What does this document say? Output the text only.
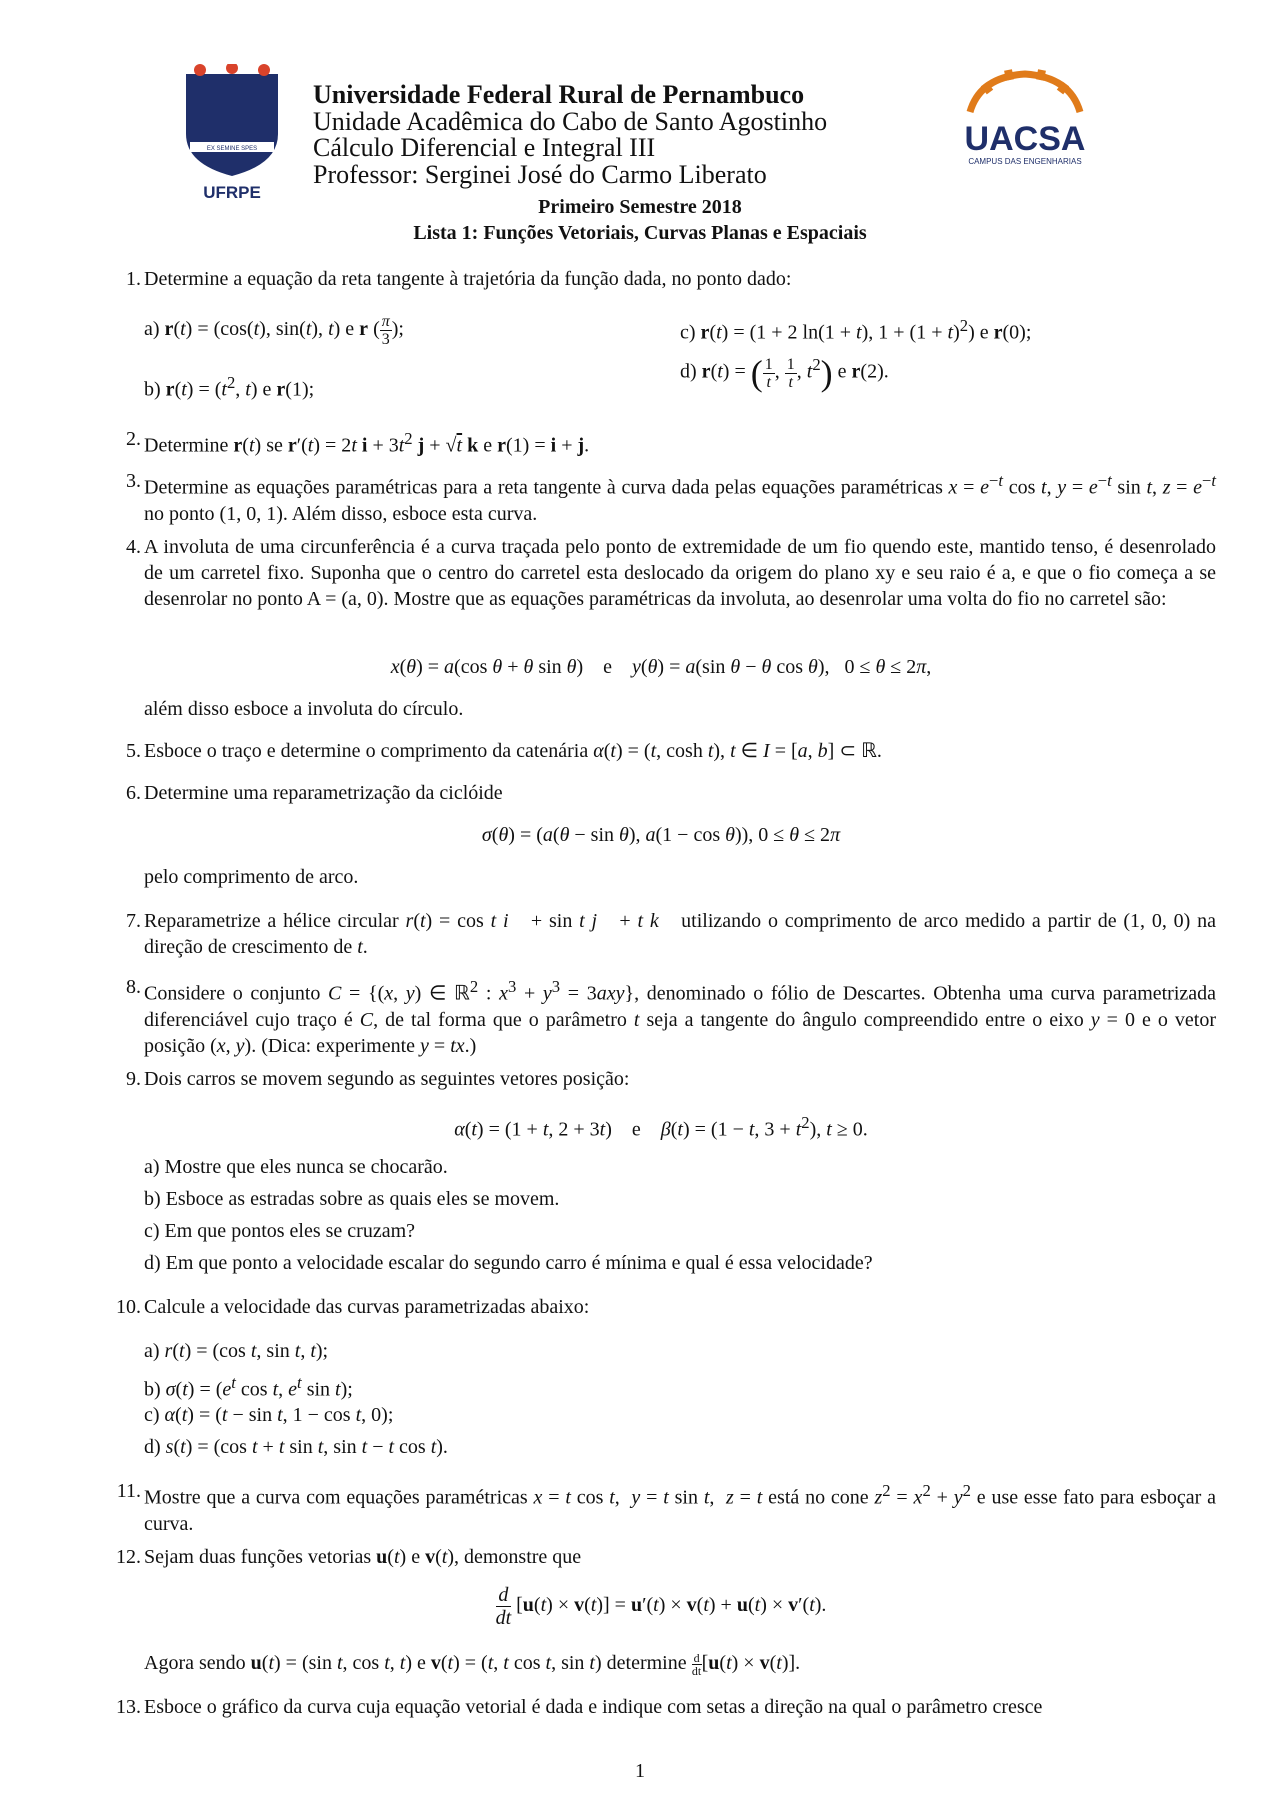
EX SEMINE SPES
UFRPE
Universidade Federal Rural de Pernambuco
Unidade Acadêmica do Cabo de Santo Agostinho
Cálculo Diferencial e Integral III
Professor: Serginei José do Carmo Liberato
UACSA
CAMPUS DAS ENGENHARIAS
Primeiro Semestre 2018
Lista 1: Funções Vetoriais, Curvas Planas e Espaciais
1. Determine a equação da reta tangente à trajetória da função dada, no ponto dado:
a) r(t) = (cos(t), sin(t), t) e r ( $\frac{\pi}{3}$ );	c) r(t) = (1 + 2 ln(1 + t), $1 + (1 + t)^2$) e r(0);
b) $r(t) = (t^2$, t) e r(1);
d) r(t) = ( $\frac{1}{t}$ , $\frac{1}{t}$ , $t^2$) e r(2).
2. Determine r(t) se r′(t) = 2t $i + 3t^2$ j + √t k e r(1) = i + j.
3. Determine as equações paramétricas para a reta tangente à curva dada pelas equações paramétricas $x = e^{-t}$ cos t, $y = e^{-t}$ sin t, $z = e^{-t}$ no ponto (1, 0, 1). Além disso, esboce esta curva.
4. A involuta de uma circunferência é a curva traçada pelo ponto de extremidade de um fio quendo este, mantido tenso, é desenrolado de um carretel fixo. Suponha que o centro do carretel esta deslocado da origem do plano xy e seu raio é a, e que o fio começa a se desenrolar no ponto A = (a, 0). Mostre que as equações paramétricas da involuta, ao desenrolar uma volta do fio no carretel são:
x(θ) = a(cos θ + θ sin θ)    e    y(θ) = a(sin θ − θ cos θ),   0 ≤ θ ≤ 2π,
além disso esboce a involuta do círculo.
5. Esboce o traço e determine o comprimento da catenária α(t) = (t, cosh t), t ∈ I = [a, b] ⊂ ℝ.
6. Determine uma reparametrização da ciclóide
σ(θ) = (a(θ − sin θ), a(1 − cos θ)), 0 ≤ θ ≤ 2π
pelo comprimento de arco.
7. Reparametrize a hélice circular r(t) = cos t i⃗ + sin t j⃗ + t k⃗ utilizando o comprimento de arco medido a partir de (1, 0, 0) na direção de crescimento de t.
8. Considere o conjunto C = {(x, y) ∈ ℝ$^2$ : $x^3 + y^3 = 3axy$}, denominado o fólio de Descartes. Obtenha uma curva parametrizada diferenciável cujo traço é C, de tal forma que o parâmetro t seja a tangente do ângulo compreendido entre o eixo y = 0 e o vetor posição (x, y). (Dica: experimente y = tx.)
9. Dois carros se movem segundo as seguintes vetores posição:
α(t) = (1 + t, 2 + 3t)    e    β(t) = (1 − t, $3 + t^2$), t ≥ 0.
a) Mostre que eles nunca se chocarão.
b) Esboce as estradas sobre as quais eles se movem.
c) Em que pontos eles se cruzam?
d) Em que ponto a velocidade escalar do segundo carro é mínima e qual é essa velocidade?
10. Calcule a velocidade das curvas parametrizadas abaixo:
a) r(t) = (cos t, sin t, t);
b) $\sigma(t) = (e^t$ cos t, $e^t$ sin t);
c) α(t) = (t − sin t, 1 − cos t, 0);
d) s(t) = (cos t + t sin t, sin t − t cos t).
11. Mostre que a curva com equações paramétricas x = t cos t,  y = t sin t,  z = t está no cone $z^2 = x^2 + y^2$ e use esse fato para esboçar a curva.
12. Sejam duas funções vetorias u(t) e v(t), demonstre que
$\frac{d}{dt} [u(t) \times v(t)] = u'(t) \times v(t) + u(t) \times v'(t)$.
Agora sendo u(t) = (sin t, cos t, t) e v(t) = (t, t cos t, sin t) determine $\frac{d}{dt} [u(t) \times v(t)]$.
13. Esboce o gráfico da curva cuja equação vetorial é dada e indique com setas a direção na qual o parâmetro cresce
1
